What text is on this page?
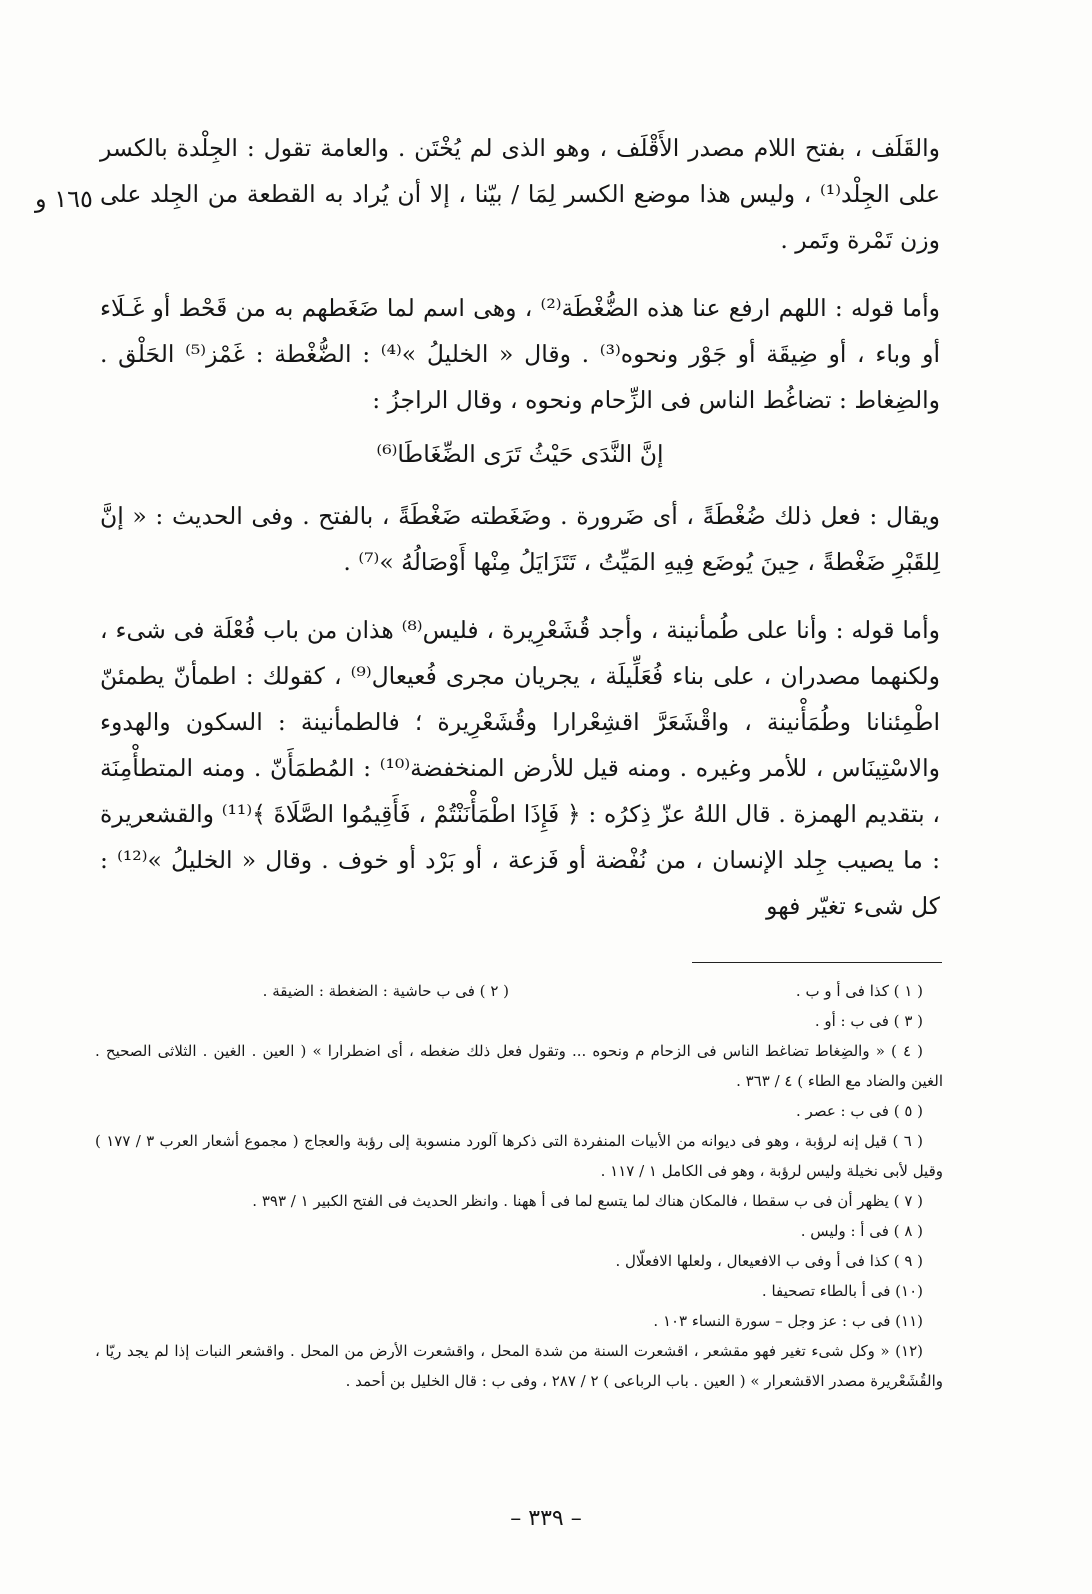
١٦٥ و

والقَلَف ، بفتح اللام مصدر الأَقْلَف ، وهو الذى لم يُخْتَن . والعامة تقول : الجِلْدة بالكسر على الجِلْد⁽¹⁾ ، وليس هذا موضع الكسر لِمَا / بيّنا ، إلا أن يُراد به القطعة من الجِلد على وزن تَمْرة وتَمر .

وأما قوله : اللهم ارفع عنا هذه الضُّغْطَة⁽²⁾ ، وهى اسم لما ضَغَطهم به من قَحْط أو غَـلَاء أو وباء ، أو ضِيقَة أو جَوْر ونحوه⁽³⁾ . وقال « الخليلُ »⁽⁴⁾ : الضُّغْطة : غَمْز⁽⁵⁾ الحَلْق . والضِغاط : تضاغُط الناس فى الزِّحام ونحوه ، وقال الراجزُ :

إنَّ النَّدَى حَيْثُ تَرَى الضِّغَاطَا⁽⁶⁾

ويقال : فعل ذلك ضُغْطَةً ، أى ضَرورة . وضَغَطته ضَغْطَةً ، بالفتح . وفى الحديث : « إنَّ لِلقَبْرِ ضَغْطةً ، حِينَ يُوضَع فِيهِ المَيِّتُ ، تَتَزَايَلُ مِنْها أَوْصَالُهُ »⁽⁷⁾ .

وأما قوله : وأنا على طُمأنينة ، وأجد قُشَعْرِيرة ، فليس⁽⁸⁾ هذان من باب فُعْلَة فى شىء ، ولكنهما مصدران ، على بناء فُعَلِّيلَة ، يجريان مجرى فُعيعال⁽⁹⁾ ، كقولك : اطمأنّ يطمئنّ اطْمِئنانا وطُمَأْنينة ، واقْشَعَرَّ اقشِعْرارا وقُشَعْرِيرة ؛ فالطمأنينة : السكون والهدوء والاسْتِينَاس ، للأمر وغيره . ومنه قيل للأرض المنخفضة⁽¹⁰⁾ : المُطمَأَنّ . ومنه المتطأْمِنَة ، بتقديم الهمزة . قال اللهُ عزّ ذِكرُه : ﴿ فَإِذَا اطْمَأْنَنْتُمْ ، فَأَقِيمُوا الصَّلَاةَ ﴾⁽¹¹⁾ والقشعريرة : ما يصيب جِلد الإنسان ، من نُفْضة أو فَزعة ، أو بَرْد أو خوف . وقال « الخليلُ »⁽¹²⁾ : كل شىء تغيّر فهو

( ١ ) كذا فى أ و ب .

( ٢ ) فى ب حاشية : الضغطة : الضيقة .

( ٣ ) فى ب : أو .

( ٤ ) « والضِغاط تضاغط الناس فى الزحام م ونحوه ... وتقول فعل ذلك ضغطه ، أى اضطرارا » ( العين . الغين . الثلاثى الصحيح . الغين والضاد مع الطاء ) ٤ / ٣٦٣ .

( ٥ ) فى ب : عصر .

( ٦ ) قيل إنه لرؤبة ، وهو فى ديوانه من الأبيات المنفردة التى ذكرها آلورد منسوبة إلى رؤبة والعجاج ( مجموع أشعار العرب ٣ / ١٧٧ ) وقيل لأبى نخيلة وليس لرؤبة ، وهو فى الكامل ١ / ١١٧ .

( ٧ ) يظهر أن فى ب سقطا ، فالمكان هناك لما يتسع لما فى أ ههنا . وانظر الحديث فى الفتح الكبير ١ / ٣٩٣ .

( ٨ ) فى أ : وليس .

( ٩ ) كذا فى أ وفى ب الافعيعال ، ولعلها الافعلّال .

(١٠) فى أ بالطاء تصحيفا .

(١١) فى ب : عز وجل – سورة النساء ١٠٣ .

(١٢) « وكل شىء تغير فهو مقشعر ، اقشعرت السنة من شدة المحل ، واقشعرت الأرض من المحل . واقشعر النبات إذا لم يجد ريّا ، والقُشَعْريرة مصدر الاقشعرار » ( العين . باب الرباعى ) ٢ / ٢٨٧ ، وفى ب : قال الخليل بن أحمد .

– ٣٣٩ –
